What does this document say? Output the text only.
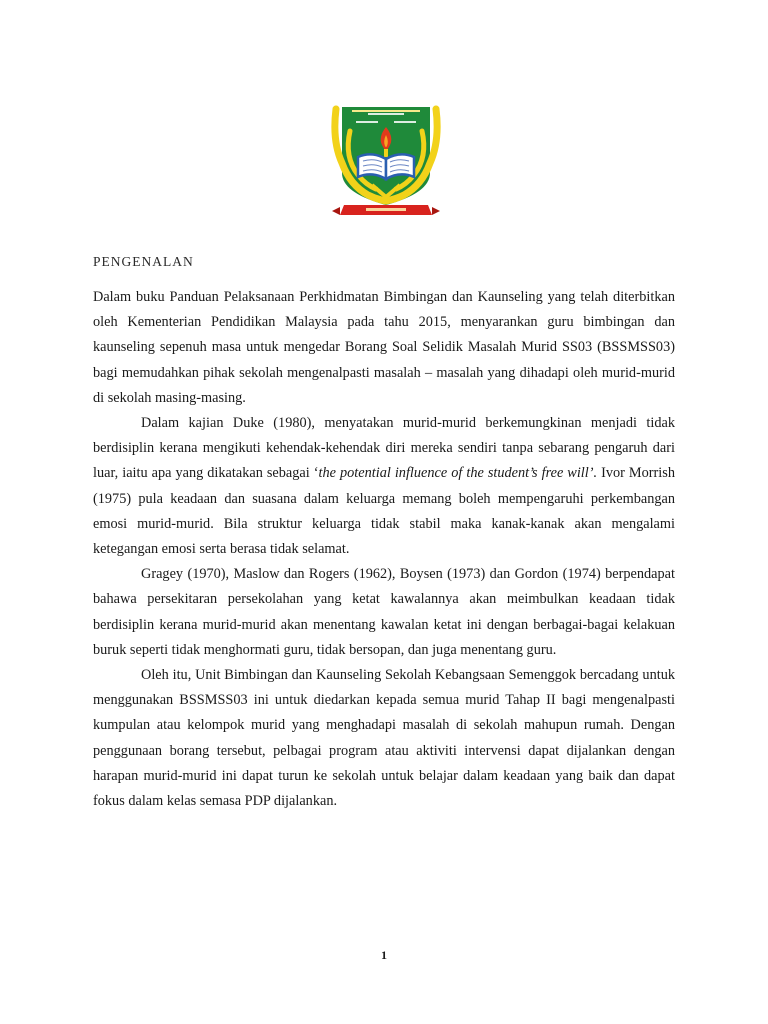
PENGENALAN

Dalam buku Panduan Pelaksanaan Perkhidmatan Bimbingan dan Kaunseling yang telah diterbitkan oleh Kementerian Pendidikan Malaysia pada tahu 2015, menyarankan guru bimbingan dan kaunseling sepenuh masa untuk mengedar Borang Soal Selidik Masalah Murid SS03 (BSSMSS03) bagi memudahkan pihak sekolah mengenalpasti masalah – masalah yang dihadapi oleh murid-murid di sekolah masing-masing.

Dalam kajian Duke (1980), menyatakan murid-murid berkemungkinan menjadi tidak berdisiplin kerana mengikuti kehendak-kehendak diri mereka sendiri tanpa sebarang pengaruh dari luar, iaitu apa yang dikatakan sebagai ‘the potential influence of the student’s free will’. Ivor Morrish (1975) pula keadaan dan suasana dalam keluarga memang boleh mempengaruhi perkembangan emosi murid-murid. Bila struktur keluarga tidak stabil maka kanak-kanak akan mengalami ketegangan emosi serta berasa tidak selamat.

Gragey (1970), Maslow dan Rogers (1962), Boysen (1973) dan Gordon (1974) berpendapat bahawa persekitaran persekolahan yang ketat kawalannya akan meimbulkan keadaan tidak berdisiplin kerana murid-murid akan menentang kawalan ketat ini dengan berbagai-bagai kelakuan buruk seperti tidak menghormati guru, tidak bersopan, dan juga menentang guru.

Oleh itu, Unit Bimbingan dan Kaunseling Sekolah Kebangsaan Semenggok bercadang untuk menggunakan BSSMSS03 ini untuk diedarkan kepada semua murid Tahap II bagi mengenalpasti kumpulan atau kelompok murid yang menghadapi masalah di sekolah mahupun rumah. Dengan penggunaan borang tersebut, pelbagai program atau aktiviti intervensi dapat dijalankan dengan harapan murid-murid ini dapat turun ke sekolah untuk belajar dalam keadaan yang baik dan dapat fokus dalam kelas semasa PDP dijalankan.

1
